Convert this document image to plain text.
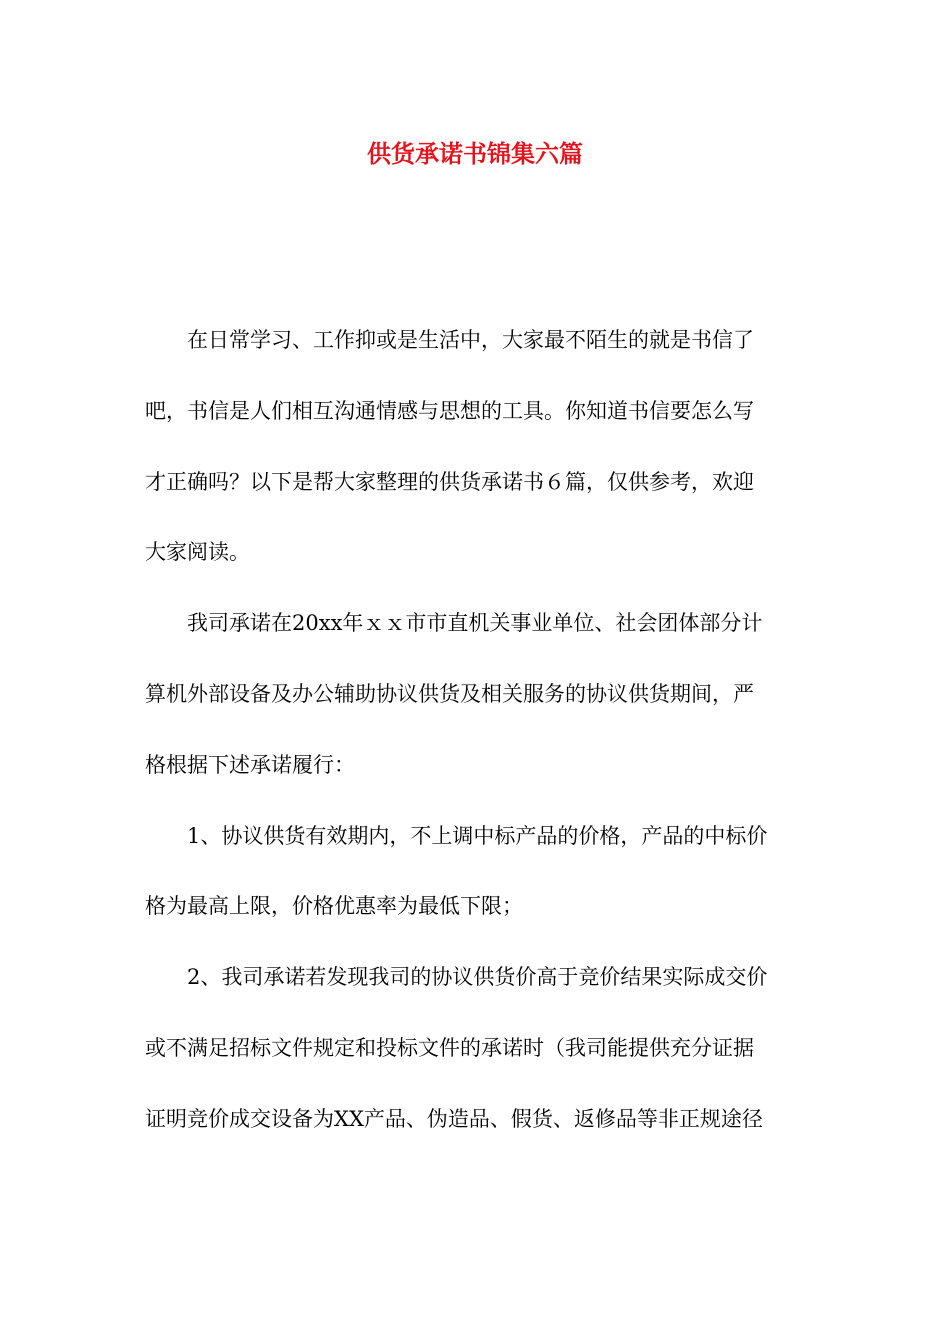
供货承诺书锦集六篇
在日常学习、工作抑或是生活中，大家最不陌生的就是书信了
吧，书信是人们相互沟通情感与思想的工具。你知道书信要怎么写
才正确吗？以下是帮大家整理的供货承诺书６篇，仅供参考，欢迎
大家阅读。
我司承诺在20xx年ｘｘ市市直机关事业单位、社会团体部分计
算机外部设备及办公辅助协议供货及相关服务的协议供货期间，严
格根据下述承诺履行：
1、协议供货有效期内，不上调中标产品的价格，产品的中标价
格为最高上限，价格优惠率为最低下限；
2、我司承诺若发现我司的协议供货价高于竞价结果实际成交价
或不满足招标文件规定和投标文件的承诺时（我司能提供充分证据
证明竞价成交设备为XX产品、伪造品、假货、返修品等非正规途径
